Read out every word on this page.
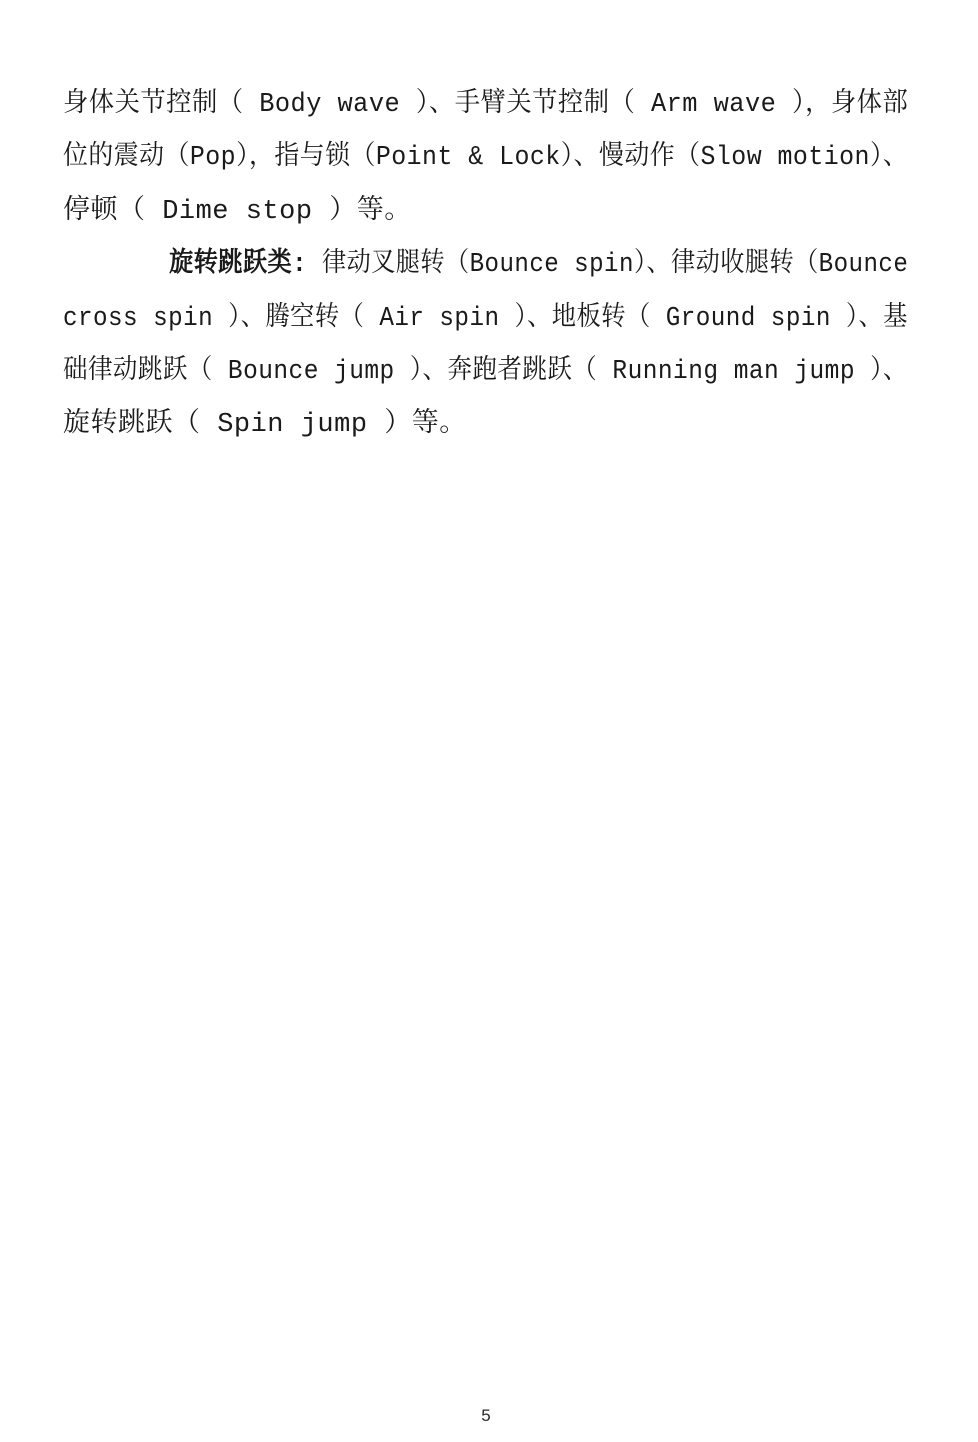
身体关节控制（ Body wave ）、手臂关节控制（ Arm wave ），身体部

位的震动（Pop），指与锁（Point & Lock）、慢动作（Slow motion）、

停顿（ Dime stop ）等。

旋转跳跃类: 律动叉腿转（Bounce spin）、律动收腿转（Bounce

cross spin ）、腾空转（ Air spin ）、地板转（ Ground spin ）、基

础律动跳跃（ Bounce jump ）、奔跑者跳跃（ Running man jump ）、

旋转跳跃（ Spin jump ）等。

5
